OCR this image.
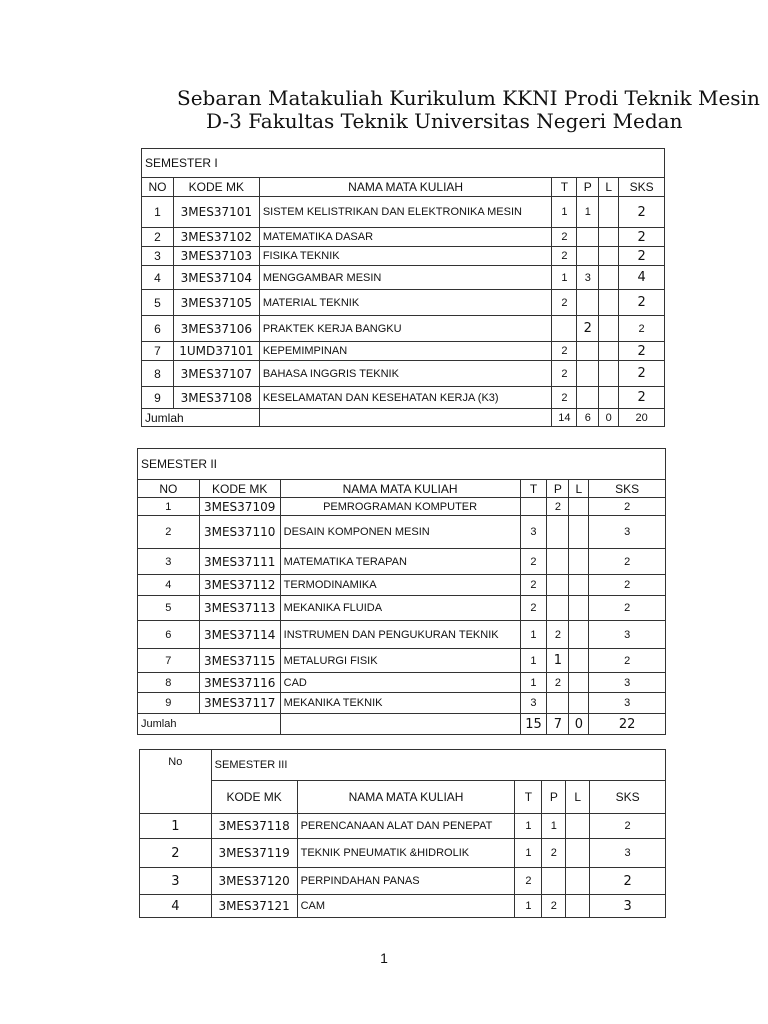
Sebaran Matakuliah Kurikulum KKNI Prodi Teknik Mesin
D-3 Fakultas Teknik Universitas Negeri Medan
SEMESTER I						
NO	KODE MK	NAMA MATA KULIAH	T	P	L	SKS
1	3MES37101	SISTEM KELISTRIKAN DAN ELEKTRONIKA MESIN	1	1		2
2	3MES37102	MATEMATIKA DASAR	2			2
3	3MES37103	FISIKA TEKNIK	2			2
4	3MES37104	MENGGAMBAR MESIN	1	3		4
5	3MES37105	MATERIAL TEKNIK	2			2
6	3MES37106	PRAKTEK KERJA BANGKU		2		2
7	1UMD37101	KEPEMIMPINAN	2			2
8	3MES37107	BAHASA INGGRIS TEKNIK	2			2
9	3MES37108	KESELAMATAN DAN KESEHATAN KERJA (K3)	2			2
Jumlah			14	6	0	20
SEMESTER II						
NO	KODE MK	NAMA MATA KULIAH	T	P	L	SKS
1	3MES37109	PEMROGRAMAN KOMPUTER		2		2
2	3MES37110	DESAIN KOMPONEN MESIN	3			3
3	3MES37111	MATEMATIKA TERAPAN	2			2
4	3MES37112	TERMODINAMIKA	2			2
5	3MES37113	MEKANIKA FLUIDA	2			2
6	3MES37114	INSTRUMEN DAN PENGUKURAN TEKNIK	1	2		3
7	3MES37115	METALURGI FISIK	1	1		2
8	3MES37116	CAD	1	2		3
9	3MES37117	MEKANIKA TEKNIK	3			3
Jumlah			15	7	0	22
No	SEMESTER III					
	KODE MK	NAMA MATA KULIAH	T	P	L	SKS
1	3MES37118	PERENCANAAN ALAT DAN PENEPAT	1	1		2
2	3MES37119	TEKNIK PNEUMATIK &HIDROLIK	1	2		3
3	3MES37120	PERPINDAHAN PANAS	2			2
4	3MES37121	CAM	1	2		3
1
